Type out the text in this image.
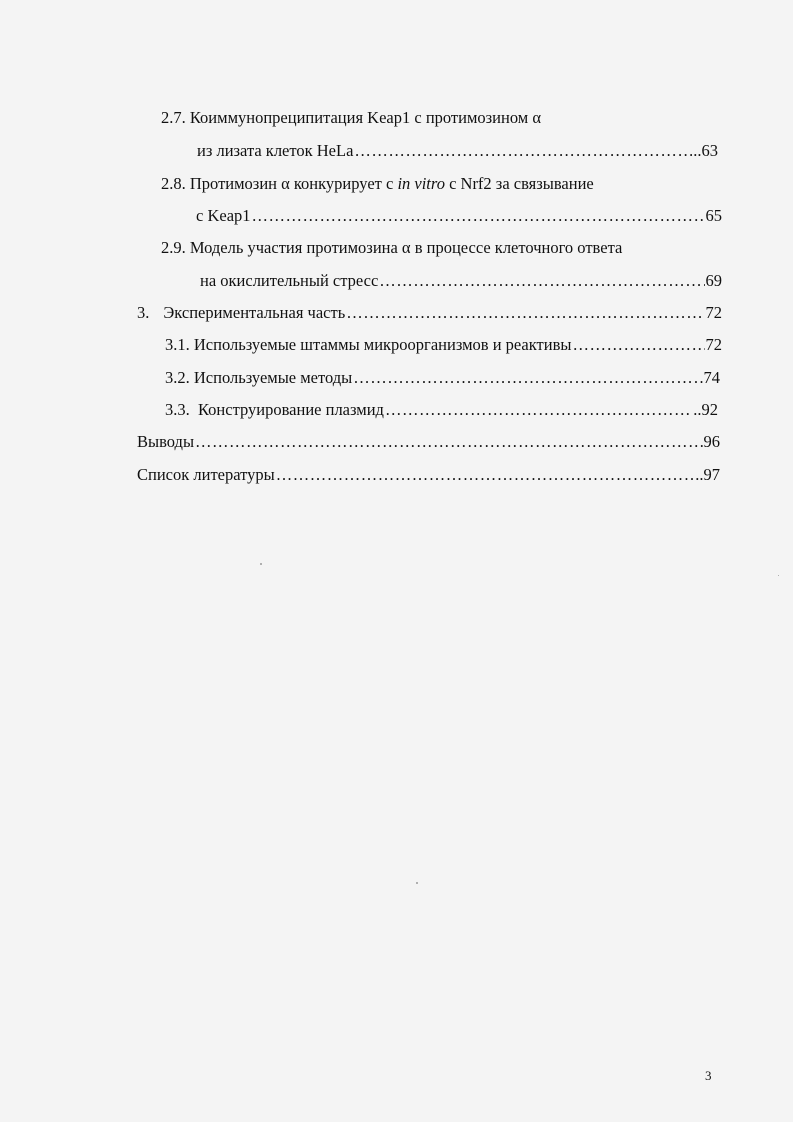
2.7. Коиммунопреципитация Keap1 с протимозином α
из лизата клеток HeLa ……………………………………………………………………………………………………………………………………………………	..63
2.8. Протимозин α конкурирует с in vitro с Nrf2 за связывание
с Keap1 ……………………………………………………………………………………………………………………………………………………	65
2.9. Модель участия протимозина α в процессе клеточного ответа
на окислительный стресс ……………………………………………………………………………………………………………………………………………………	69
3. Экспериментальная часть ……………………………………………………………………………………………………………………………………………………	72
3.1. Используемые штаммы микроорганизмов и реактивы ……………………………………………………………………………………………………………………………………………………	72
3.2. Используемые методы ……………………………………………………………………………………………………………………………………………………	74
3.3.  Конструирование плазмид ……………………………………………………………………………………………………………………………………………………	..92
Выводы ……………………………………………………………………………………………………………………………………………………	96
Список литературы ……………………………………………………………………………………………………………………………………………………	..97
3
